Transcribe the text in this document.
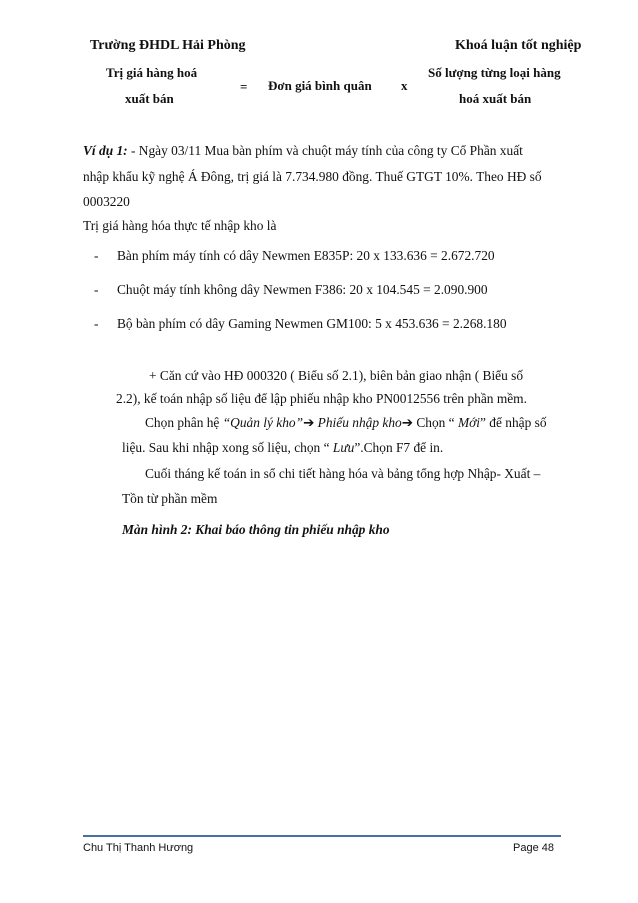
Trường ĐHDL Hải Phòng	Khoá luận tốt nghiệp
Trị giá hàng hoá
xuất bán
= Đơn giá bình quân x
Số lượng từng loại hàng
hoá xuất bán
Ví dụ 1: - Ngày 03/11 Mua bàn phím và chuột máy tính của công ty Cổ Phần xuất
nhập khẩu kỹ nghệ Á Đông, trị giá là 7.734.980 đồng. Thuế GTGT 10%. Theo HĐ số
0003220
Trị giá hàng hóa thực tế nhập kho là
- Bàn phím máy tính có dây Newmen E835P: 20 x 133.636 = 2.672.720
- Chuột máy tính không dây Newmen F386: 20 x 104.545 = 2.090.900
- Bộ bàn phím có dây Gaming Newmen GM100: 5 x 453.636 = 2.268.180
+ Căn cứ vào HĐ 000320 ( Biểu số 2.1), biên bản giao nhận ( Biểu số
2.2), kế toán nhập số liệu để lập phiếu nhập kho PN0012556 trên phần mềm.
Chọn phân hệ “Quản lý kho”➔ Phiếu nhập kho➔ Chọn “ Mới” để nhập số
liệu. Sau khi nhập xong số liệu, chọn “ Lưu”.Chọn F7 để in.
Cuối tháng kế toán in sổ chi tiết hàng hóa và bảng tổng hợp Nhập- Xuất –
Tồn từ phần mềm
Màn hình 2: Khai báo thông tin phiếu nhập kho
Chu Thị Thanh Hương	Page 48
